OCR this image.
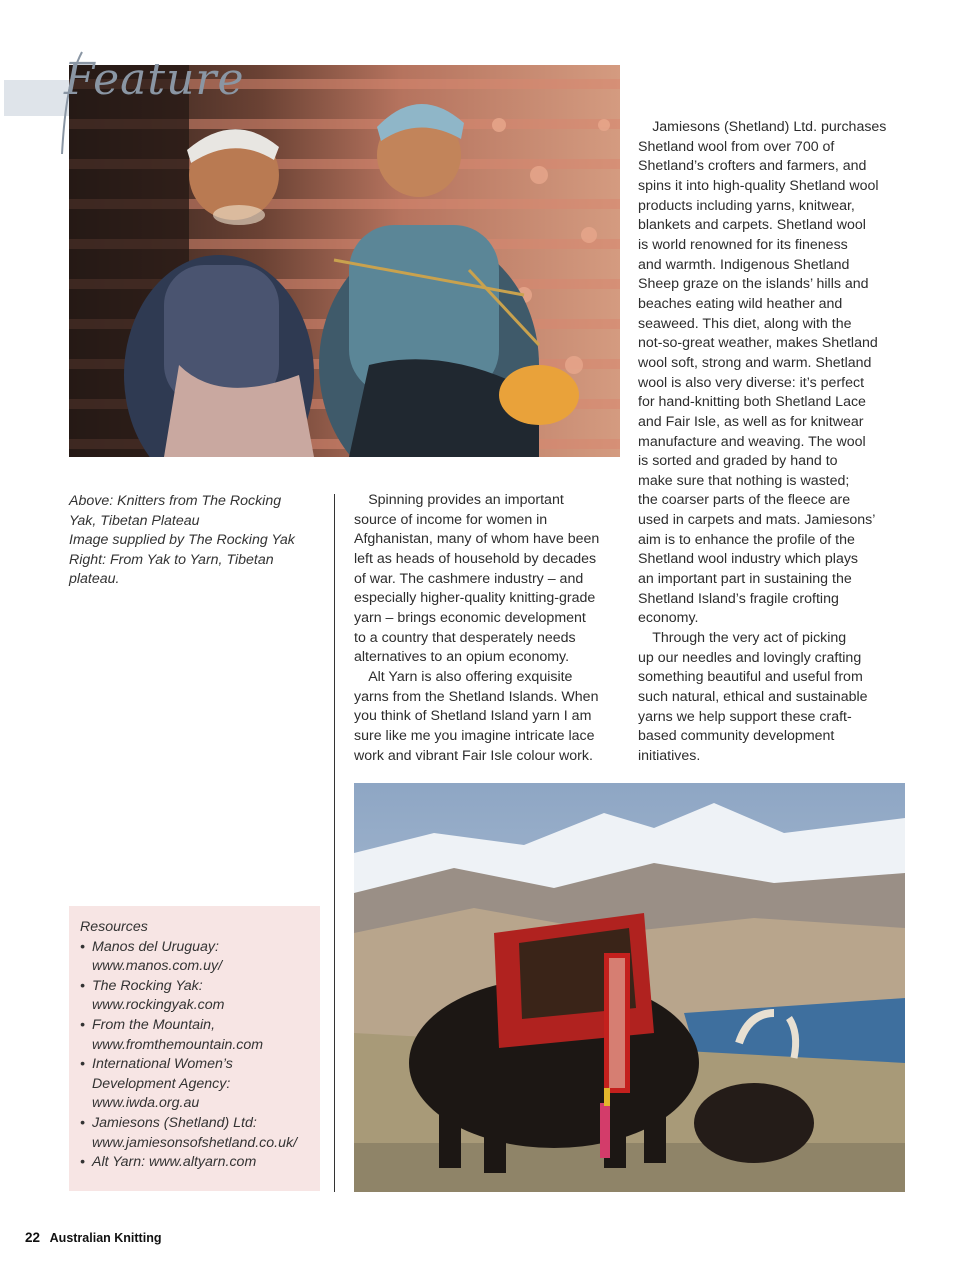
Feature
Above: Knitters from The Rocking
Yak, Tibetan Plateau
Image supplied by The Rocking Yak
Right: From Yak to Yarn, Tibetan
plateau.
 Spinning provides an important
source of income for women in
Afghanistan, many of whom have been
left as heads of household by decades
of war. The cashmere industry – and
especially higher-quality knitting-grade
yarn – brings economic development
to a country that desperately needs
alternatives to an opium economy.
 Alt Yarn is also offering exquisite
yarns from the Shetland Islands. When
you think of Shetland Island yarn I am
sure like me you imagine intricate lace
work and vibrant Fair Isle colour work.
 Jamiesons (Shetland) Ltd. purchases
Shetland wool from over 700 of
Shetland’s crofters and farmers, and
spins it into high-quality Shetland wool
products including yarns, knitwear,
blankets and carpets. Shetland wool
is world renowned for its fineness
and warmth. Indigenous Shetland
Sheep graze on the islands’ hills and
beaches eating wild heather and
seaweed. This diet, along with the
not-so-great weather, makes Shetland
wool soft, strong and warm. Shetland
wool is also very diverse: it’s perfect
for hand-knitting both Shetland Lace
and Fair Isle, as well as for knitwear
manufacture and weaving. The wool
is sorted and graded by hand to
make sure that nothing is wasted;
the coarser parts of the fleece are
used in carpets and mats. Jamiesons’
aim is to enhance the profile of the
Shetland wool industry which plays
an important part in sustaining the
Shetland Island’s fragile crofting
economy.
 Through the very act of picking
up our needles and lovingly crafting
something beautiful and useful from
such natural, ethical and sustainable
yarns we help support these craft-
based community development
initiatives.
Resources
• Manos del Uruguay:
www.manos.com.uy/
• The Rocking Yak:
www.rockingyak.com
• From the Mountain,
www.fromthemountain.com
• International Women’s
Development Agency:
www.iwda.org.au
• Jamiesons (Shetland) Ltd:
www.jamiesonsofshetland.co.uk/
• Alt Yarn: www.altyarn.com
22 Australian Knitting
